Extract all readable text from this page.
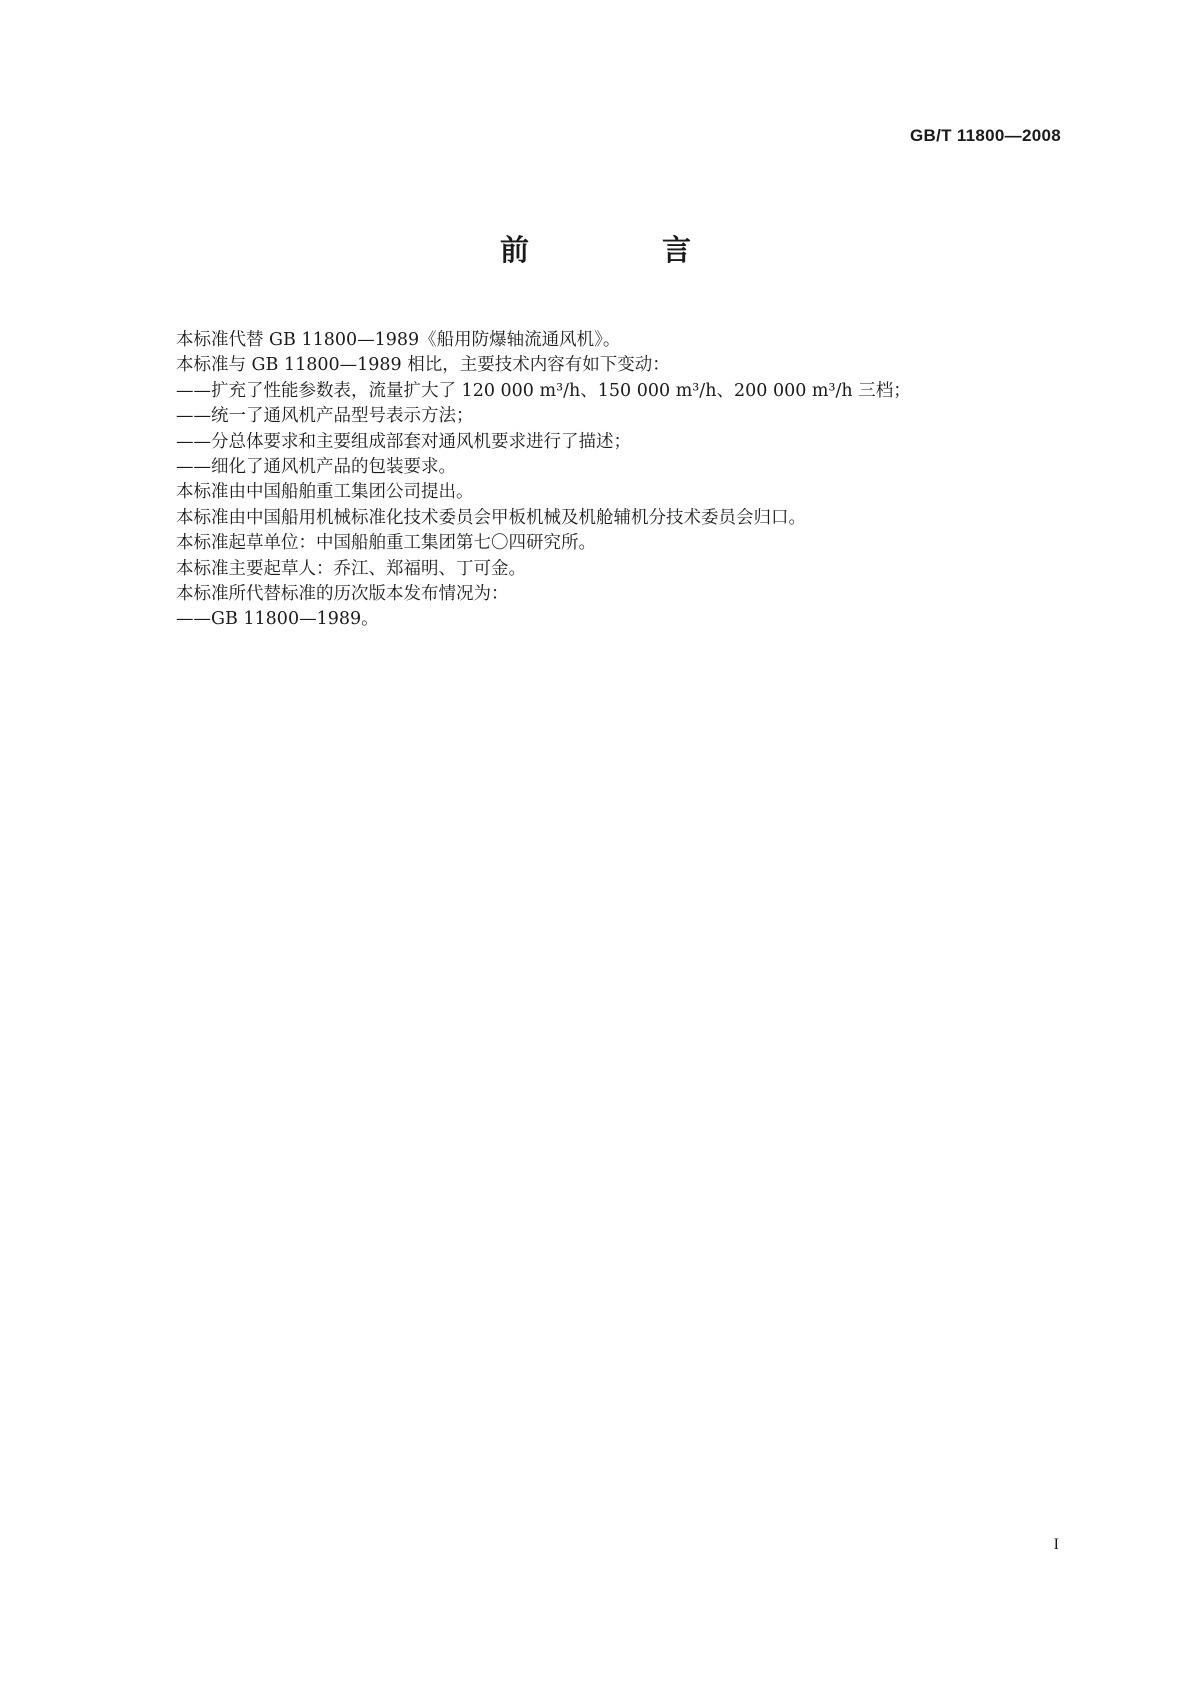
GB/T 11800—2008
前　言
本标准代替 GB 11800—1989《船用防爆轴流通风机》。
本标准与 GB 11800—1989 相比，主要技术内容有如下变动：
——扩充了性能参数表，流量扩大了 120 000 m³/h、150 000 m³/h、200 000 m³/h 三档；
——统一了通风机产品型号表示方法；
——分总体要求和主要组成部套对通风机要求进行了描述；
——细化了通风机产品的包装要求。
本标准由中国船舶重工集团公司提出。
本标准由中国船用机械标准化技术委员会甲板机械及机舱辅机分技术委员会归口。
本标准起草单位：中国船舶重工集团第七〇四研究所。
本标准主要起草人：乔江、郑福明、丁可金。
本标准所代替标准的历次版本发布情况为：
——GB 11800—1989。
I
